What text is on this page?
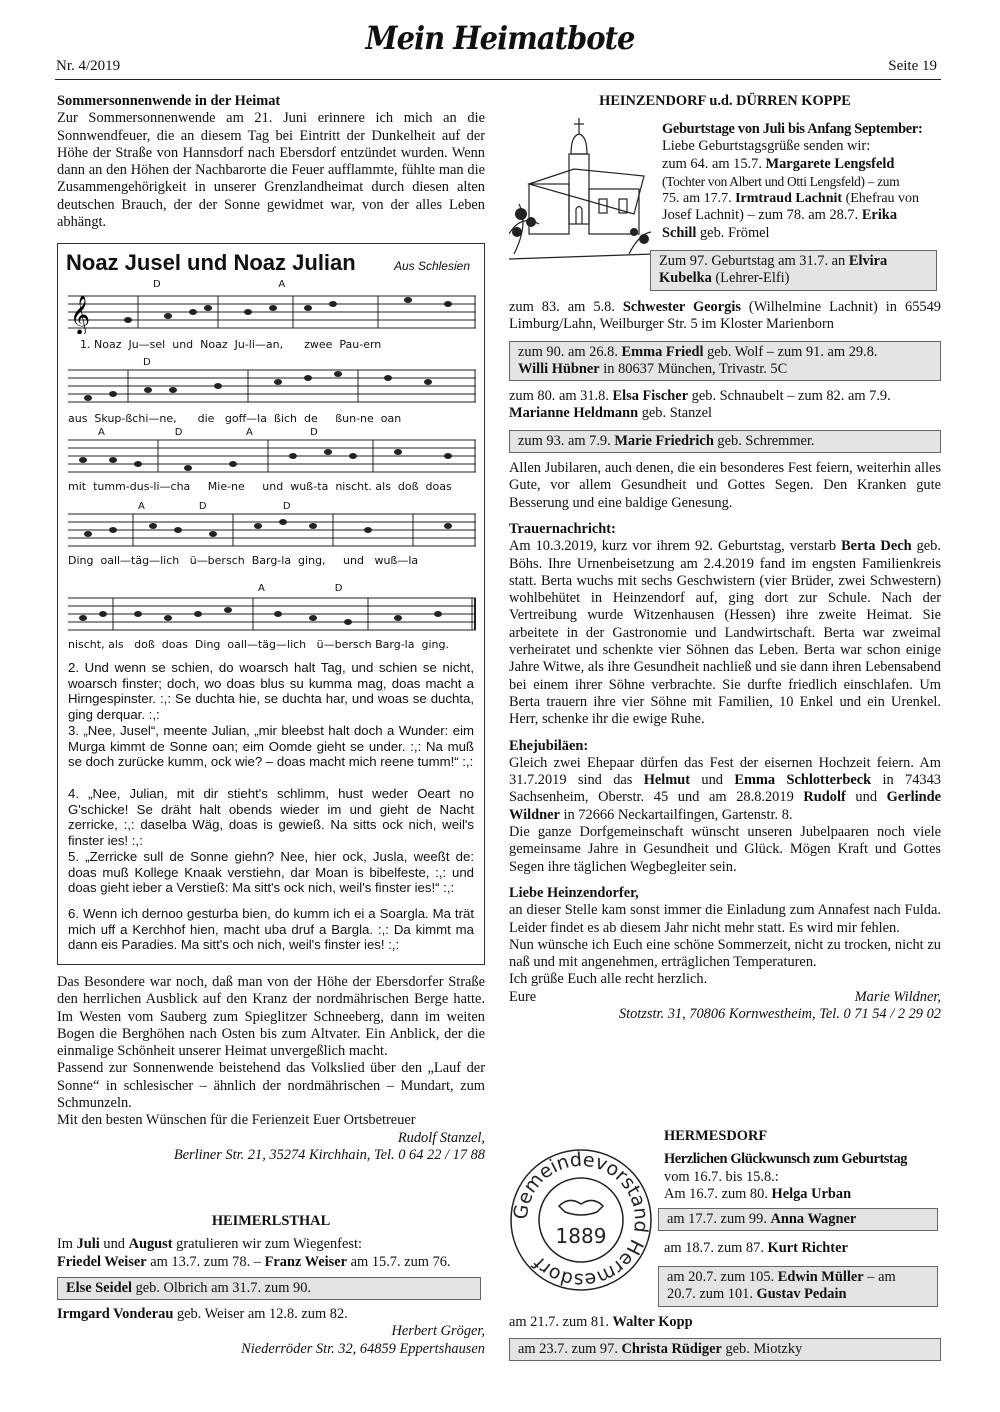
Nr. 4/2019
Mein Heimatbote
Seite 19
Sommersonnenwende in der Heimat
Zur Sommersonnenwende am 21. Juni erinnere ich mich an die Sonnwendfeuer, die an diesem Tag bei Eintritt der Dunkelheit auf der Höhe der Straße von Hannsdorf nach Ebersdorf entzündet wurden. Wenn dann an den Höhen der Nachbarorte die Feuer aufflammte, fühlte man die Zusammengehörigkeit in unserer Grenzlandheimat durch diesen alten deutschen Brauch, der der Sonne gewidmet war, von der alles Leben abhängt.
Noaz Jusel und Noaz Julian	Aus Schlesien
D                                     A
𝄞
1. Noaz  Ju—sel  und  Noaz  Ju-li—an,      zwee  Pau-ern
D
aus  Skup-ßchi—ne,      die   goff—la  ßich  de     ßun-ne  oan
A                      D                    A                  D
mit  tumm-dus-li—cha     Mie-ne     und  wuß-ta  nischt. als  doß  doas
A                 D                        D
Ding  oall—täg—lich   ü—bersch  Barg-la  ging,     und   wuß—la
A                      D
nischt, als   doß  doas  Ding  oall—täg—lich   ü—bersch Barg-la  ging.
2. Und wenn se schien, do woarsch halt Tag, und schien se nicht, woarsch finster; doch, wo doas blus su kumma mag, doas macht a Hirngespinster. :,: Se duchta hie, se duchta har, und woas se duchta, ging derquar. :,:
3. „Nee, Jusel“, meente Julian, „mir bleebst halt doch a Wunder: eim Murga kimmt de Sonne oan; eim Oomde gieht se under. :,: Na muß se doch zurücke kumm, ock wie? – doas macht mich reene tumm!“ :,:
4. „Nee, Julian, mit dir stieht's schlimm, hust weder Oeart no G'schicke! Se dräht halt obends wieder im und gieht de Nacht zerricke, :,: daselba Wäg, doas is gewieß. Na sitts ock nich, weil's finster ies! :,:
5. „Zerricke sull de Sonne giehn? Nee, hier ock, Jusla, weeßt de: doas muß Kollege Knaak verstiehn, dar Moan is bibelfeste, :,: und doas gieht ieber a Verstieß: Ma sitt's ock nich, weil's finster ies!“ :,:
6. Wenn ich dernoo gesturba bien, do kumm ich ei a Soargla. Ma trät mich uff a Kerchhof hien, macht uba druf a Bargla. :,: Da kimmt ma dann eis Paradies. Ma sitt's och nich, weil's finster ies! :,:
Das Besondere war noch, daß man von der Höhe der Ebersdorfer Straße den herrlichen Ausblick auf den Kranz der nordmährischen Berge hatte. Im Westen vom Sauberg zum Spieglitzer Schneeberg, dann im weiten Bogen die Berghöhen nach Osten bis zum Altvater. Ein Anblick, der die einmalige Schönheit unserer Heimat unvergeßlich macht.
Passend zur Sonnenwende beistehend das Volkslied über den „Lauf der Sonne“ in schlesischer – ähnlich der nordmährischen – Mundart, zum Schmunzeln.
Mit den besten Wünschen für die Ferienzeit Euer Ortsbetreuer
Rudolf Stanzel,
Berliner Str. 21, 35274 Kirchhain, Tel. 0 64 22 / 17 88
HEIMERLSTHAL
Im Juli und August gratulieren wir zum Wiegenfest:
Friedel Weiser am 13.7. zum 78. – Franz Weiser am 15.7. zum 76.
Else Seidel geb. Olbrich am 31.7. zum 90.
Irmgard Vonderau geb. Weiser am 12.8. zum 82.
Herbert Gröger,
Niederröder Str. 32, 64859 Eppertshausen
HEINZENDORF u.d. DÜRREN KOPPE
Geburtstage von Juli bis Anfang September:
Liebe Geburtstagsgrüße senden wir:
zum 64. am 15.7. Margarete Lengsfeld
(Tochter von Albert und Otti Lengsfeld) – zum
75. am 17.7. Irmtraud Lachnit (Ehefrau von
Josef Lachnit) – zum 78. am 28.7. Erika
Schill geb. Frömel
Zum 97. Geburtstag am 31.7. an Elvira
Kubelka (Lehrer-Elfi)
zum 83. am 5.8. Schwester Georgis (Wilhelmine Lachnit) in 65549 Limburg/Lahn, Weilburger Str. 5 im Kloster Marienborn
zum 90. am 26.8. Emma Friedl geb. Wolf – zum 91. am 29.8.
Willi Hübner in 80637 München, Trivastr. 5C
zum 80. am 31.8. Elsa Fischer geb. Schnaubelt – zum 82. am 7.9.
Marianne Heldmann geb. Stanzel
zum 93. am 7.9. Marie Friedrich geb. Schremmer.
Allen Jubilaren, auch denen, die ein besonderes Fest feiern, weiterhin alles Gute, vor allem Gesundheit und Gottes Segen. Den Kranken gute Besserung und eine baldige Genesung.
Trauernachricht:
Am 10.3.2019, kurz vor ihrem 92. Geburtstag, verstarb Berta Dech geb. Böhs. Ihre Urnenbeisetzung am 2.4.2019 fand im engsten Familienkreis statt. Berta wuchs mit sechs Geschwistern (vier Brüder, zwei Schwestern) wohlbehütet in Heinzendorf auf, ging dort zur Schule. Nach der Vertreibung wurde Witzenhausen (Hessen) ihre zweite Heimat. Sie arbeitete in der Gastronomie und Landwirtschaft. Berta war zweimal verheiratet und schenkte vier Söhnen das Leben. Berta war schon einige Jahre Witwe, als ihre Gesundheit nachließ und sie dann ihren Lebensabend bei einem ihrer Söhne verbrachte. Sie durfte friedlich einschlafen. Um Berta trauern ihre vier Söhne mit Familien, 10 Enkel und ein Urenkel. Herr, schenke ihr die ewige Ruhe.
Ehejubiläen:
Gleich zwei Ehepaar dürfen das Fest der eisernen Hochzeit feiern. Am 31.7.2019 sind das Helmut und Emma Schlotterbeck in 74343 Sachsenheim, Oberstr. 45 und am 28.8.2019 Rudolf und Gerlinde Wildner in 72666 Neckartailfingen, Gartenstr. 8.
Die ganze Dorfgemeinschaft wünscht unseren Jubelpaaren noch viele gemeinsame Jahre in Gesundheit und Glück. Mögen Kraft und Gottes Segen ihre täglichen Wegbegleiter sein.
Liebe Heinzendorfer,
an dieser Stelle kam sonst immer die Einladung zum Annafest nach Fulda. Leider findet es ab diesem Jahr nicht mehr statt. Es wird mir fehlen.
Nun wünsche ich Euch eine schöne Sommerzeit, nicht zu trocken, nicht zu naß und mit angenehmen, erträglichen Temperaturen.
Ich grüße Euch alle recht herzlich.
Eure	Marie Wildner,
Stotzstr. 31, 70806 Kornwestheim, Tel. 0 71 54 / 2 29 02
Gemeindevorstand Hermesdorf
1889
HERMESDORF
Herzlichen Glückwunsch zum Geburtstag
vom 16.7. bis 15.8.:
Am 16.7. zum 80. Helga Urban
am 17.7. zum 99. Anna Wagner
am 18.7. zum 87. Kurt Richter
am 20.7. zum 105. Edwin Müller – am
20.7. zum 101. Gustav Pedain
am 21.7. zum 81. Walter Kopp
am 23.7. zum 97. Christa Rüdiger geb. Miotzky
